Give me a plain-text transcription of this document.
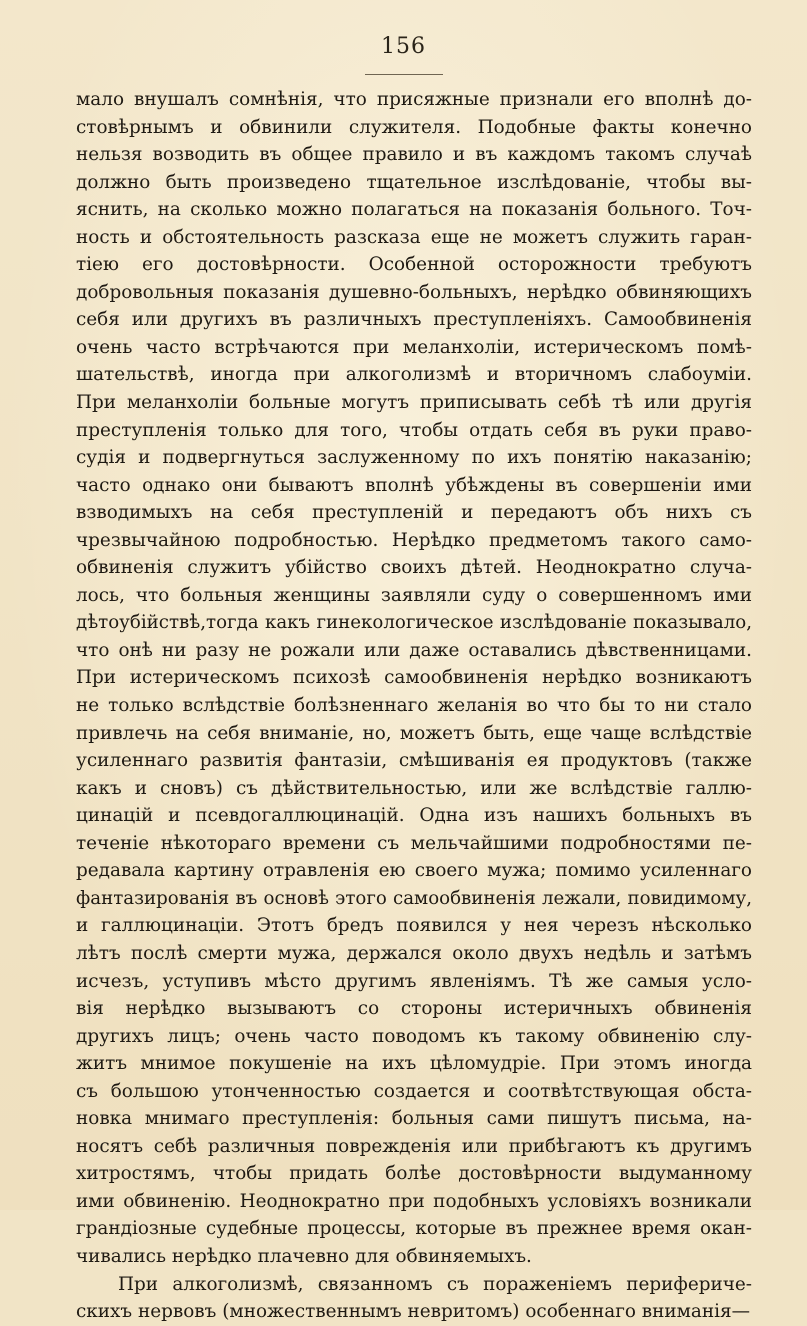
156
мало внушалъ сомнѣнія, что присяжные признали его вполнѣ до-
стовѣрнымъ и обвинили служителя. Подобные факты конечно
нельзя возводить въ общее правило и въ каждомъ такомъ случаѣ
должно быть произведено тщательное изслѣдованіе, чтобы вы-
яснить, на сколько можно полагаться на показанія больного. Точ-
ность и обстоятельность разсказа еще не можетъ служить гаран-
тіею его достовѣрности. Особенной осторожности требуютъ
добровольныя показанія душевно-больныхъ, нерѣдко обвиняющихъ
себя или другихъ въ различныхъ преступленіяхъ. Самообвиненія
очень часто встрѣчаются при меланхоліи, истерическомъ помѣ-
шательствѣ, иногда при алкоголизмѣ и вторичномъ слабоуміи.
При меланхоліи больные могутъ приписывать себѣ тѣ или другія
преступленія только для того, чтобы отдать себя въ руки право-
судія и подвергнуться заслуженному по ихъ понятію наказанію;
часто однако они бываютъ вполнѣ убѣждены въ совершеніи ими
взводимыхъ на себя преступленій и передаютъ объ нихъ съ
чрезвычайною подробностью. Нерѣдко предметомъ такого само-
обвиненія служитъ убійство своихъ дѣтей. Неоднократно случа-
лось, что больныя женщины заявляли суду о совершенномъ ими
дѣтоубійствѣ,тогда какъ гинекологическое изслѣдованіе показывало,
что онѣ ни разу не рожали или даже оставались дѣвственницами.
При истерическомъ психозѣ самообвиненія нерѣдко возникаютъ
не только вслѣдствіе болѣзненнаго желанія во что бы то ни стало
привлечь на себя вниманіе, но, можетъ быть, еще чаще вслѣдствіе
усиленнаго развитія фантазіи, смѣшиванія ея продуктовъ (также
какъ и сновъ) съ дѣйствительностью, или же вслѣдствіе галлю-
цинацій и псевдогаллюцинацій. Одна изъ нашихъ больныхъ въ
теченіе нѣкотораго времени съ мельчайшими подробностями пе-
редавала картину отравленія ею своего мужа; помимо усиленнаго
фантазированія въ основѣ этого самообвиненія лежали, повидимому,
и галлюцинаціи. Этотъ бредъ появился у нея черезъ нѣсколько
лѣтъ послѣ смерти мужа, держался около двухъ недѣль и затѣмъ
исчезъ, уступивъ мѣсто другимъ явленіямъ. Тѣ же самыя усло-
вія нерѣдко вызываютъ со стороны истеричныхъ обвиненія
другихъ лицъ; очень часто поводомъ къ такому обвиненію слу-
житъ мнимое покушеніе на ихъ цѣломудріе. При этомъ иногда
съ большою утонченностью создается и соотвѣтствующая обста-
новка мнимаго преступленія: больныя сами пишутъ письма, на-
носятъ себѣ различныя поврежденія или прибѣгаютъ къ другимъ
хитростямъ, чтобы придать болѣе достовѣрности выдуманному
ими обвиненію. Неоднократно при подобныхъ условіяхъ возникали
грандіозные судебные процессы, которые въ прежнее время окан-
чивались нерѣдко плачевно для обвиняемыхъ.
При алкоголизмѣ, связанномъ съ пораженіемъ перифериче-
скихъ нервовъ (множественнымъ невритомъ) особеннаго вниманія—
